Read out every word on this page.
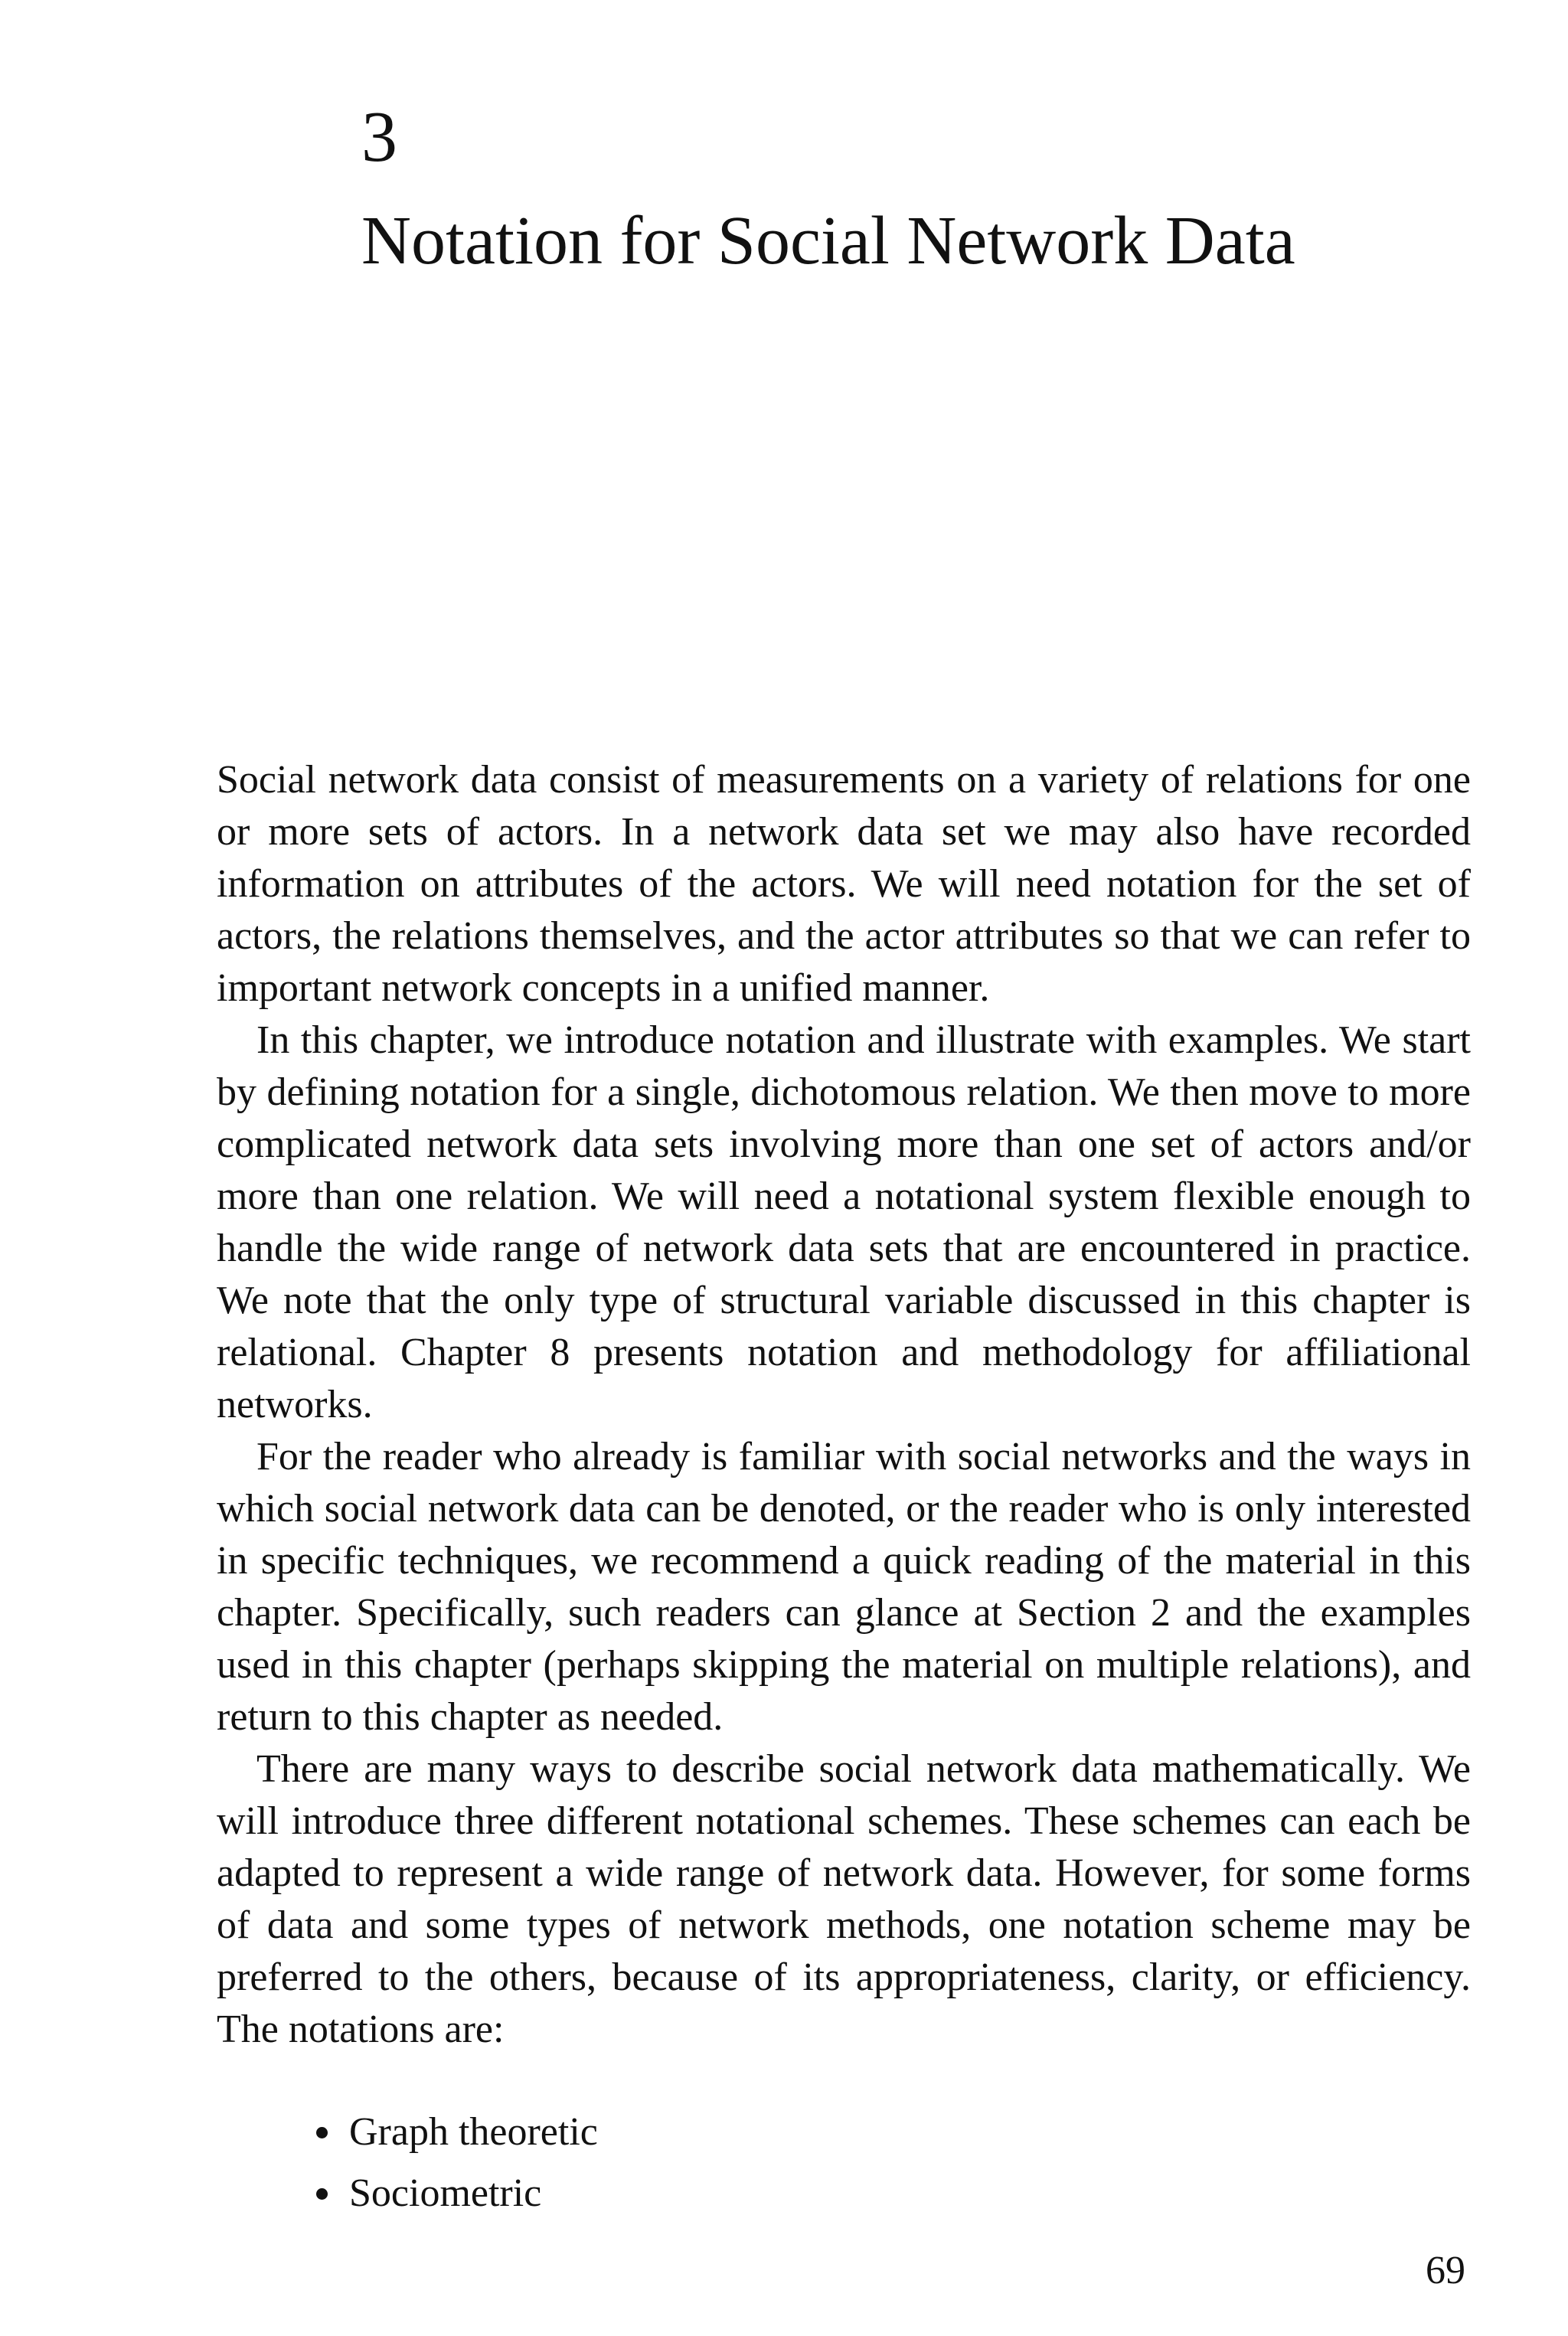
3
Notation for Social Network Data

Social network data consist of measurements on a variety of relations for one or more sets of actors. In a network data set we may also have recorded information on attributes of the actors. We will need notation for the set of actors, the relations themselves, and the actor attributes so that we can refer to important network concepts in a unified manner.

In this chapter, we introduce notation and illustrate with examples. We start by defining notation for a single, dichotomous relation. We then move to more complicated network data sets involving more than one set of actors and/or more than one relation. We will need a notational system flexible enough to handle the wide range of network data sets that are encountered in practice. We note that the only type of structural variable discussed in this chapter is relational. Chapter 8 presents notation and methodology for affiliational networks.

For the reader who already is familiar with social networks and the ways in which social network data can be denoted, or the reader who is only interested in specific techniques, we recommend a quick reading of the material in this chapter. Specifically, such readers can glance at Section 2 and the examples used in this chapter (perhaps skipping the material on multiple relations), and return to this chapter as needed.

There are many ways to describe social network data mathematically. We will introduce three different notational schemes. These schemes can each be adapted to represent a wide range of network data. However, for some forms of data and some types of network methods, one notation scheme may be preferred to the others, because of its appropriateness, clarity, or efficiency. The notations are:

Graph theoretic
Sociometric
69
